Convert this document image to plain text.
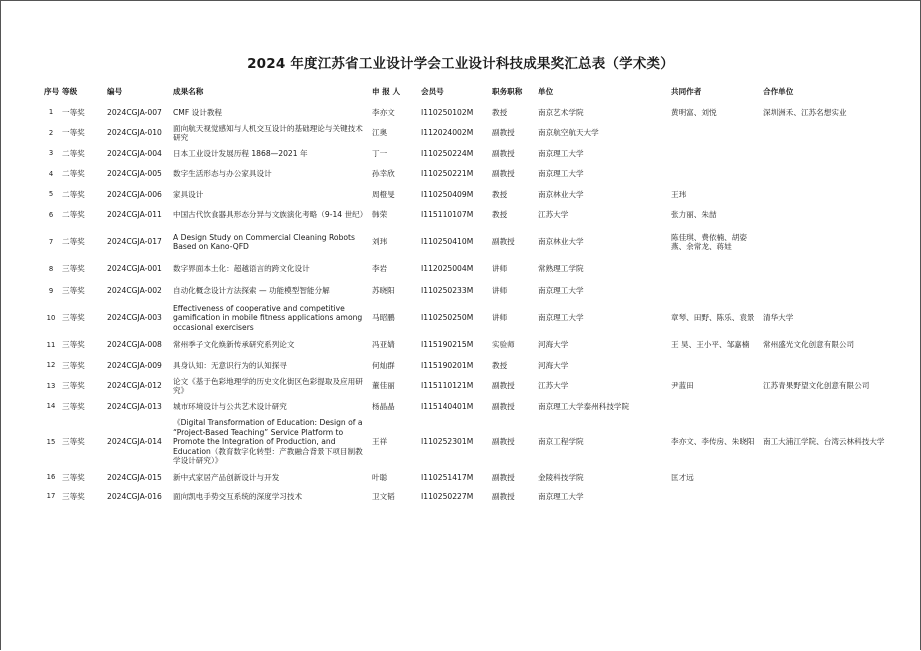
2024 年度江苏省工业设计学会工业设计科技成果奖汇总表（学术类）
序号	等级	编号	成果名称	申 报 人	会员号	职务职称	单位	共同作者	合作单位
1	一等奖	2024CGJA-007	CMF 设计教程	李亦文	I110250102M	教授	南京艺术学院	黄明富、刘悦	深圳洲禾、江苏名想实业
2	一等奖	2024CGJA-010	面向航天视觉感知与人机交互设计的基础理论与关键技术研究	江奥	I112024002M	副教授	南京航空航天大学		
3	二等奖	2024CGJA-004	日本工业设计发展历程 1868—2021 年	丁一	I110250224M	副教授	南京理工大学		
4	二等奖	2024CGJA-005	数字生活形态与办公家具设计	孙幸欣	I110250221M	副教授	南京理工大学		
5	二等奖	2024CGJA-006	家具设计	周橙旻	I110250409M	教授	南京林业大学	王玮	
6	二等奖	2024CGJA-011	中国古代饮食器具形态分异与文族演化考略（9-14 世纪）	韩荣	I115110107M	教授	江苏大学	张力丽、朱喆	
7	二等奖	2024CGJA-017	A Design Study on Commercial Cleaning Robots Based on Kano-QFD	刘玮	I110250410M	副教授	南京林业大学	陈佳琪、费依楠、胡姿燕、余常龙、蒋娃	
8	三等奖	2024CGJA-001	数字界面本土化：超越语言的跨文化设计	李岩	I112025004M	讲师	常熟理工学院		
9	三等奖	2024CGJA-002	自动化概念设计方法探索 — 功能模型智能分解	苏晓阳	I110250233M	讲师	南京理工大学		
10	三等奖	2024CGJA-003	Effectiveness of cooperative and competitive gamification in mobile fitness applications among occasional exercisers	马昭鹏	I110250250M	讲师	南京理工大学	章琴、田野、陈乐、袁景	清华大学
11	三等奖	2024CGJA-008	常州季子文化焕新传承研究系列论文	冯亚婧	I115190215M	实验师	河海大学	王 昊、王小平、邹嘉楠	常州盛光文化创意有限公司
12	三等奖	2024CGJA-009	具身认知：无意识行为的认知探寻	何灿群	I115190201M	教授	河海大学		
13	三等奖	2024CGJA-012	论文《基于色彩地理学的历史文化街区色彩提取及应用研究》	董佳丽	I115110121M	副教授	江苏大学	尹蓝田	江苏青果野望文化创意有限公司
14	三等奖	2024CGJA-013	城市环境设计与公共艺术设计研究	杨晶晶	I115140401M	副教授	南京理工大学泰州科技学院		
15	三等奖	2024CGJA-014	《Digital Transformation of Education: Design of a “Project-Based Teaching” Service Platform to Promote the Integration of Production, and Education（教育数字化转型：产教融合背景下项目制教学设计研究）》	王祥	I110252301M	副教授	南京工程学院	李亦文、李传房、朱晓阳	南工大浦江学院、台湾云林科技大学
16	三等奖	2024CGJA-015	新中式家居产品创新设计与开发	叶聪	I110251417M	副教授	金陵科技学院	匡才远	
17	三等奖	2024CGJA-016	面向凯电手势交互系统的深度学习技术	卫文韬	I110250227M	副教授	南京理工大学		
